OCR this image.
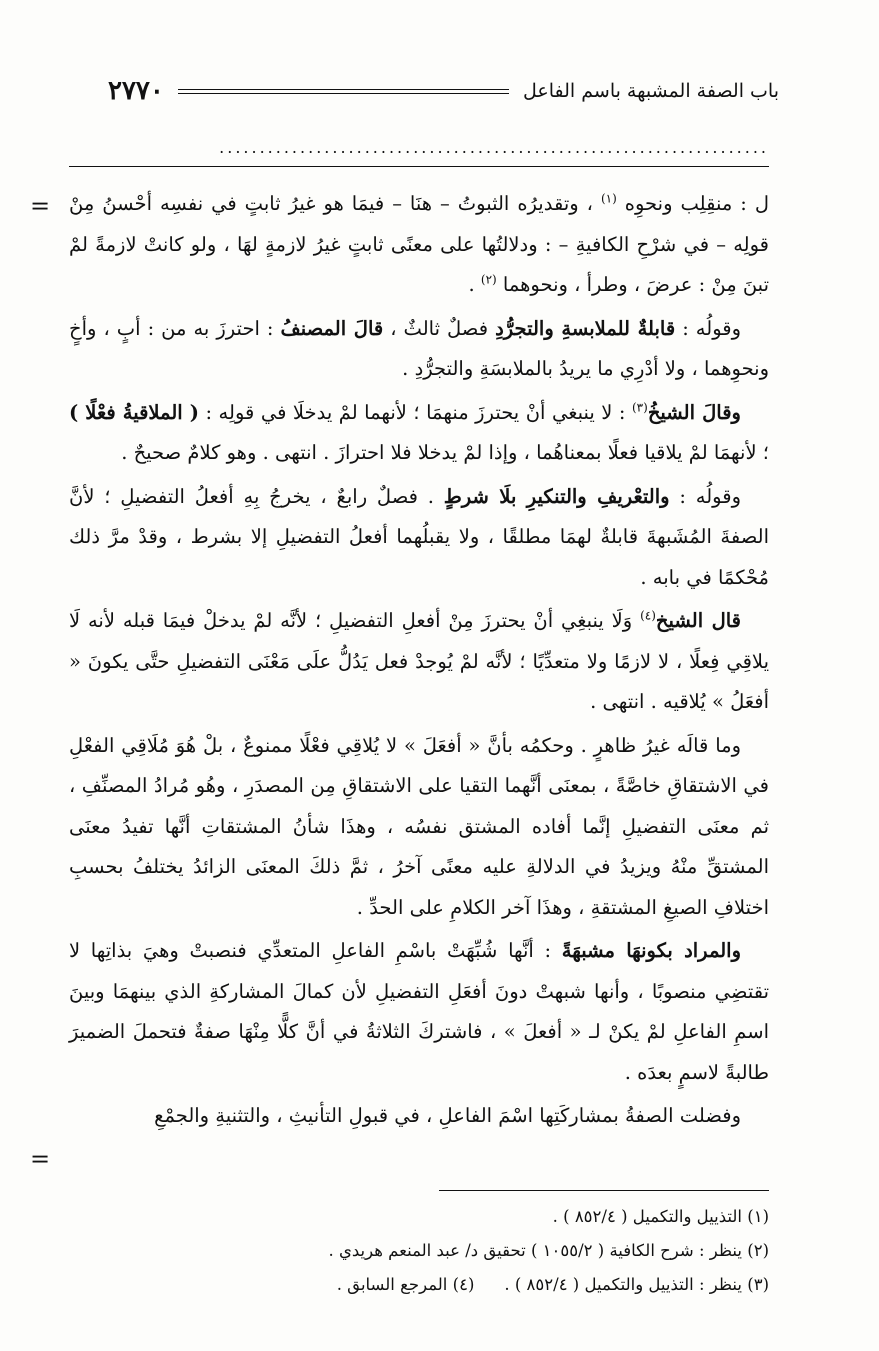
باب الصفة المشبهة باسم الفاعل
٢٧٧٠
....................................................................
=	ل : منقِلِب ونحوِه $^{(١)}$ ، وتقديرُه الثبوتُ – هنَا – فيمَا هو غيرُ ثابتٍ في نفسِه أحْسنُ مِنْ قولِه – في شرْحِ الكافيةِ – : ودلالتُها على معنًى ثابتٍ غيرُ لازمةٍ لهَا ، ولو كانتْ لازمةً لمْ تبنَ مِنْ : عرضَ ، وطرأ ، ونحوهما $^{(٢)}$ .

وقولُه : قابلةٌ للملابسةِ والتجرُّدِ فصلٌ ثالثٌ ، قالَ المصنفُ : احترزَ به من : أبٍ ، وأخٍ ونحوِهما ، ولا أدْرِي ما يريدُ بالملابسَةِ والتجرُّدِ .

وقالَ الشيخُ$^{(٣)}$ : لا ينبغي أنْ يحترزَ منهمَا ؛ لأنهما لمْ يدخلَا في قولِه : ( الملاقيةُ فعْلًا ) ؛ لأنهمَا لمْ يلاقيا فعلًا بمعناهُما ، وإذا لمْ يدخلا فلا احترازَ . انتهى . وهو كلامٌ صحيحٌ .

وقولُه : والتعْريفِ والتنكيرِ بلَا شرطٍ . فصلٌ رابعٌ ، يخرجُ بِهِ أفعلُ التفضيلِ ؛ لأنَّ الصفةَ المُشَبهةَ قابلةٌ لهمَا مطلقًا ، ولا يقبلُهما أفعلُ التفضيلِ إلا بشرط ، وقدْ مرَّ ذلك مُحْكمًا في بابه .

قال الشيخ$^{(٤)}$ وَلَا ينبغِي أنْ يحترزَ مِنْ أفعلِ التفضيلِ ؛ لأنَّه لمْ يدخلْ فيمَا قبله لأنه لَا يلاقِي فِعلًا ، لا لازمًا ولا متعدِّيًا ؛ لأنَّه لمْ يُوجدْ فعل يَدُلُّ علَى مَعْنَى التفضيلِ حتَّى يكونَ « أفعَلُ » يُلاقيه . انتهى .

وما قالَه غيرُ ظاهرٍ . وحكمُه بأنَّ « أفعَلَ » لا يُلاقِي فعْلًا ممنوعٌ ، بلْ هُوَ مُلَاقِي الفعْلِ في الاشتقاقِ خاصَّةً ، بمعنَى أنَّهما التقيا على الاشتقاقِ مِن المصدَرِ ، وهُو مُرادُ المصنِّفِ ، ثم معنَى التفضيلِ إنَّما أفاده المشتق نفسُه ، وهذَا شأنُ المشتقاتِ أنَّها تفيدُ معنَى المشتقِّ منْهُ ويزيدُ في الدلالةِ عليه معنًى آخرُ ، ثمَّ ذلكَ المعنَى الزائدُ يختلفُ بحسبِ اختلافِ الصيغِ المشتقةِ ، وهذَا آخر الكلامِ على الحدِّ .

والمراد بكونهَا مشبهَةً : أنَّها شُبِّهَتْ باسْمِ الفاعلِ المتعدِّي فنصبتْ وهيَ بذاتِها لا تقتضِي منصوبًا ، وأنها شبهتْ دونَ أفعَلِ التفضيلِ لأن كمالَ المشاركةِ الذي بينهمَا وبينَ اسمِ الفاعلِ لمْ يكنْ لـ « أفعلَ » ، فاشتركَ الثلاثةُ في أنَّ كلًّا مِنْهَا صفةٌ فتحملَ الضميرَ طالبةً لاسمٍ بعدَه .

وفضلت الصفةُ بمشاركَتِها اسْمَ الفاعلِ ، في قبولِ التأنيثِ ، والتثنيةِ والجمْعِ

=
(١) التذييل والتكميل ( ٨٥٢/٤ ) .
(٢) ينظر : شرح الكافية ( ١٠٥٥/٢ ) تحقيق د/ عبد المنعم هريدي .
(٣) ينظر : التذييل والتكميل ( ٨٥٢/٤ ) .(٤) المرجع السابق .
